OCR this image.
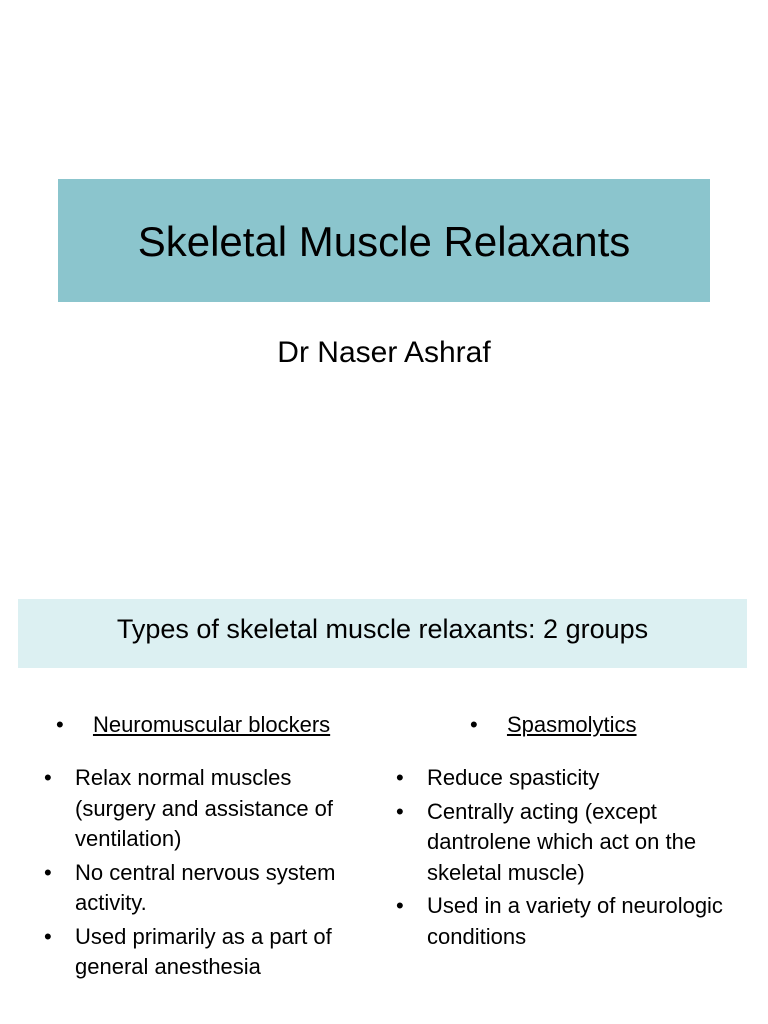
Skeletal Muscle Relaxants
Dr Naser Ashraf
Types of skeletal muscle relaxants: 2 groups
• Neuromuscular blockers	• Spasmolytics
• Relax normal muscles (surgery and assistance of ventilation)
• No central nervous system activity.
• Used primarily as a part of general anesthesia
• Reduce spasticity
• Centrally acting (except dantrolene which act on the skeletal muscle)
• Used in a variety of neurologic conditions
